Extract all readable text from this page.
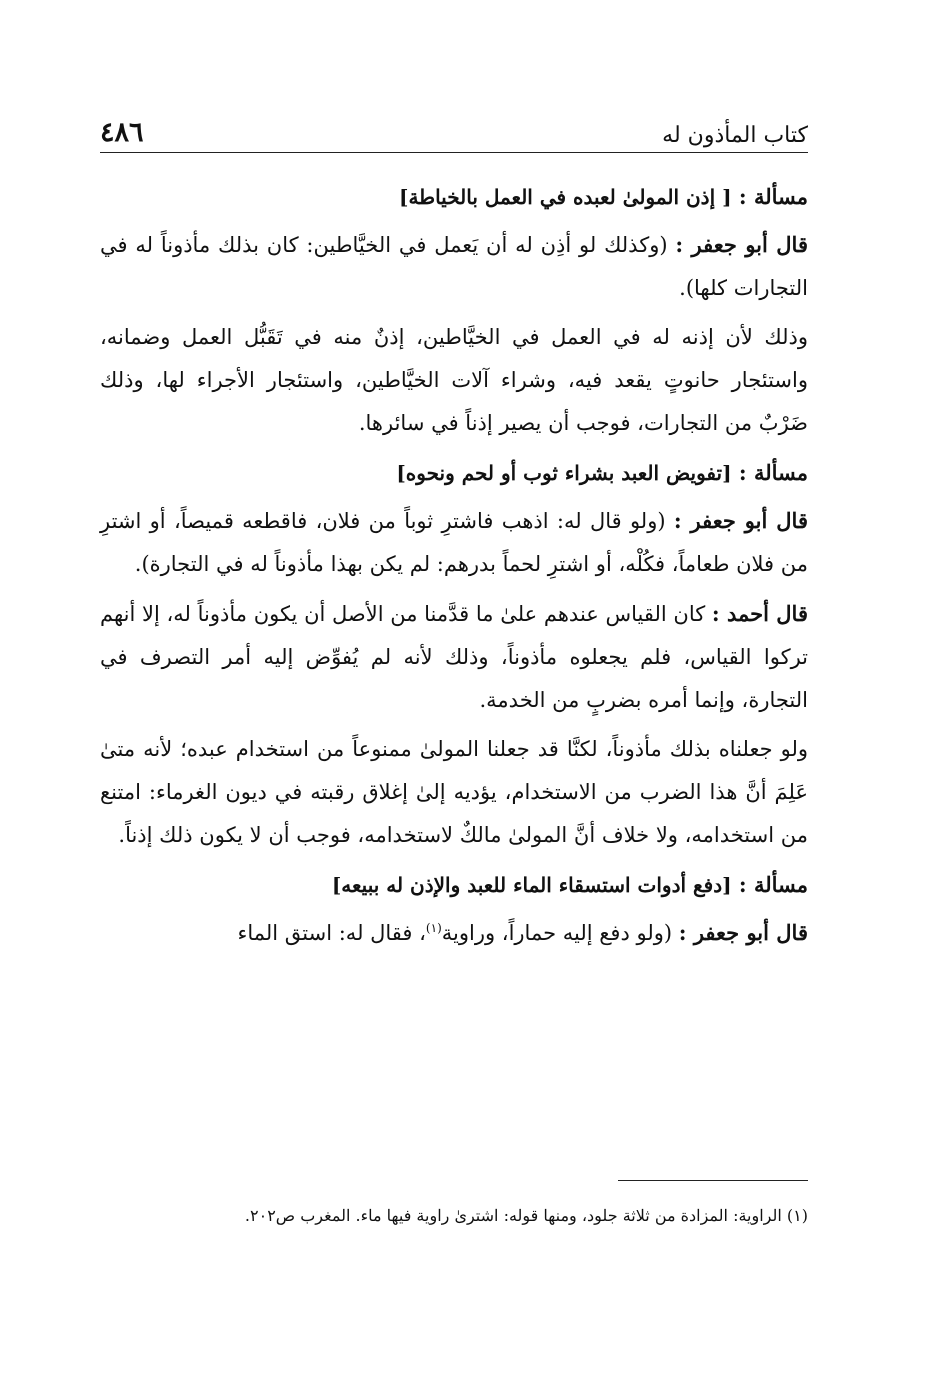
كتاب المأذون له
٤٨٦
مسألة : [ إذن المولىٰ لعبده في العمل بالخياطة]

قال أبو جعفر : (وكذلك لو أذِن له أن يَعمل في الخيَّاطين: كان بذلك مأذوناً له في التجارات كلها).

وذلك لأن إذنه له في العمل في الخيَّاطين، إذنٌ منه في تَقَبُّل العمل وضمانه، واستئجار حانوتٍ يقعد فيه، وشراء آلات الخيَّاطين، واستئجار الأجراء لها، وذلك ضَرْبٌ من التجارات، فوجب أن يصير إذناً في سائرها.

مسألة : [تفويض العبد بشراء ثوب أو لحم ونحوه]

قال أبو جعفر : (ولو قال له: اذهب فاشترِ ثوباً من فلان، فاقطعه قميصاً، أو اشترِ من فلان طعاماً، فكُلْه، أو اشترِ لحماً بدرهم: لم يكن بهذا مأذوناً له في التجارة).

قال أحمد : كان القياس عندهم علىٰ ما قدَّمنا من الأصل أن يكون مأذوناً له، إلا أنهم تركوا القياس، فلم يجعلوه مأذوناً، وذلك لأنه لم يُفوِّض إليه أمر التصرف في التجارة، وإنما أمره بضربٍ من الخدمة.

ولو جعلناه بذلك مأذوناً، لكنَّا قد جعلنا المولىٰ ممنوعاً من استخدام عبده؛ لأنه متىٰ عَلِمَ أنَّ هذا الضرب من الاستخدام، يؤديه إلىٰ إغلاق رقبته في ديون الغرماء: امتنع من استخدامه، ولا خلاف أنَّ المولىٰ مالكٌ لاستخدامه، فوجب أن لا يكون ذلك إذناً.

مسألة : [دفع أدوات استسقاء الماء للعبد والإذن له ببيعه]

قال أبو جعفر : (ولو دفع إليه حماراً، وراوية$^{(١)}$، فقال له: استق الماء

(١) الراوية: المزادة من ثلاثة جلود، ومنها قوله: اشترىٰ راوية فيها ماء. المغرب ص٢٠٢.
